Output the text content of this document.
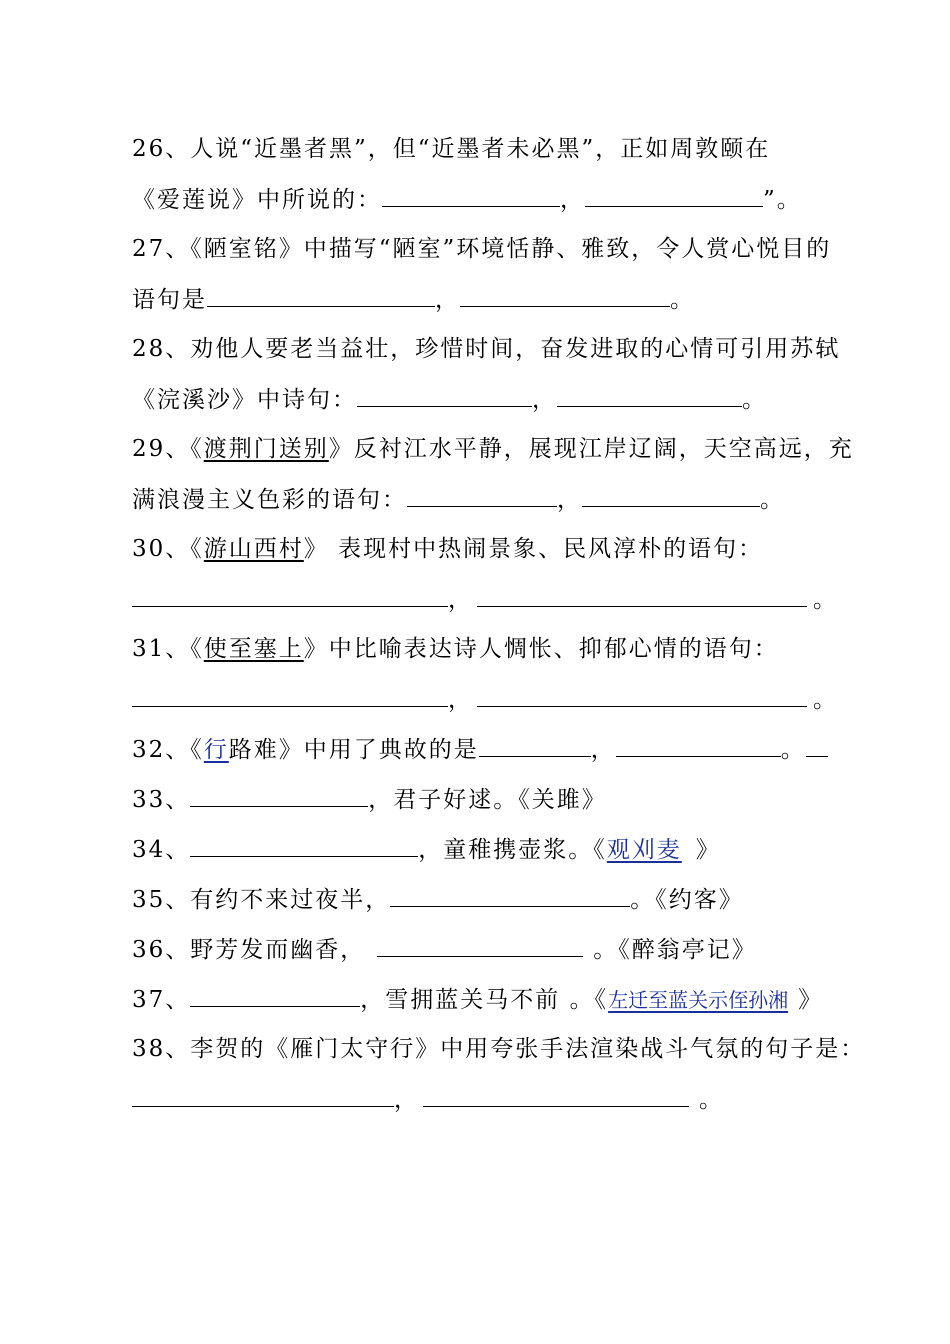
26、人说“近墨者黑”，但“近墨者未必黑”，正如周敦颐在
《爱莲说》中所说的：	，	”。
27、《陋室铭》中描写“陋室”环境恬静、雅致，令人赏心悦目的
语句是	，	。
28、劝他人要老当益壮，珍惜时间，奋发进取的心情可引用苏轼
《浣溪沙》中诗句：	，	。
29、《渡荆门送别》反衬江水平静，展现江岸辽阔，天空高远，充
满浪漫主义色彩的语句：	，	。
30、《游山西村》 表现村中热闹景象、民风淳朴的语句：
，	。
31、《使至塞上》中比喻表达诗人惆怅、抑郁心情的语句：
，	。
32、《行路难》中用了典故的是	，	。
33、	，君子好逑。《关雎》
34、	，童稚携壶浆。《观刈麦 》
35、有约不来过夜半，	。《约客》
36、野芳发而幽香，	。《醉翁亭记》
37、	，雪拥蓝关马不前 。《左迁至蓝关示侄孙湘 》
38、李贺的《雁门太守行》中用夸张手法渲染战斗气氛的句子是：
，	。
